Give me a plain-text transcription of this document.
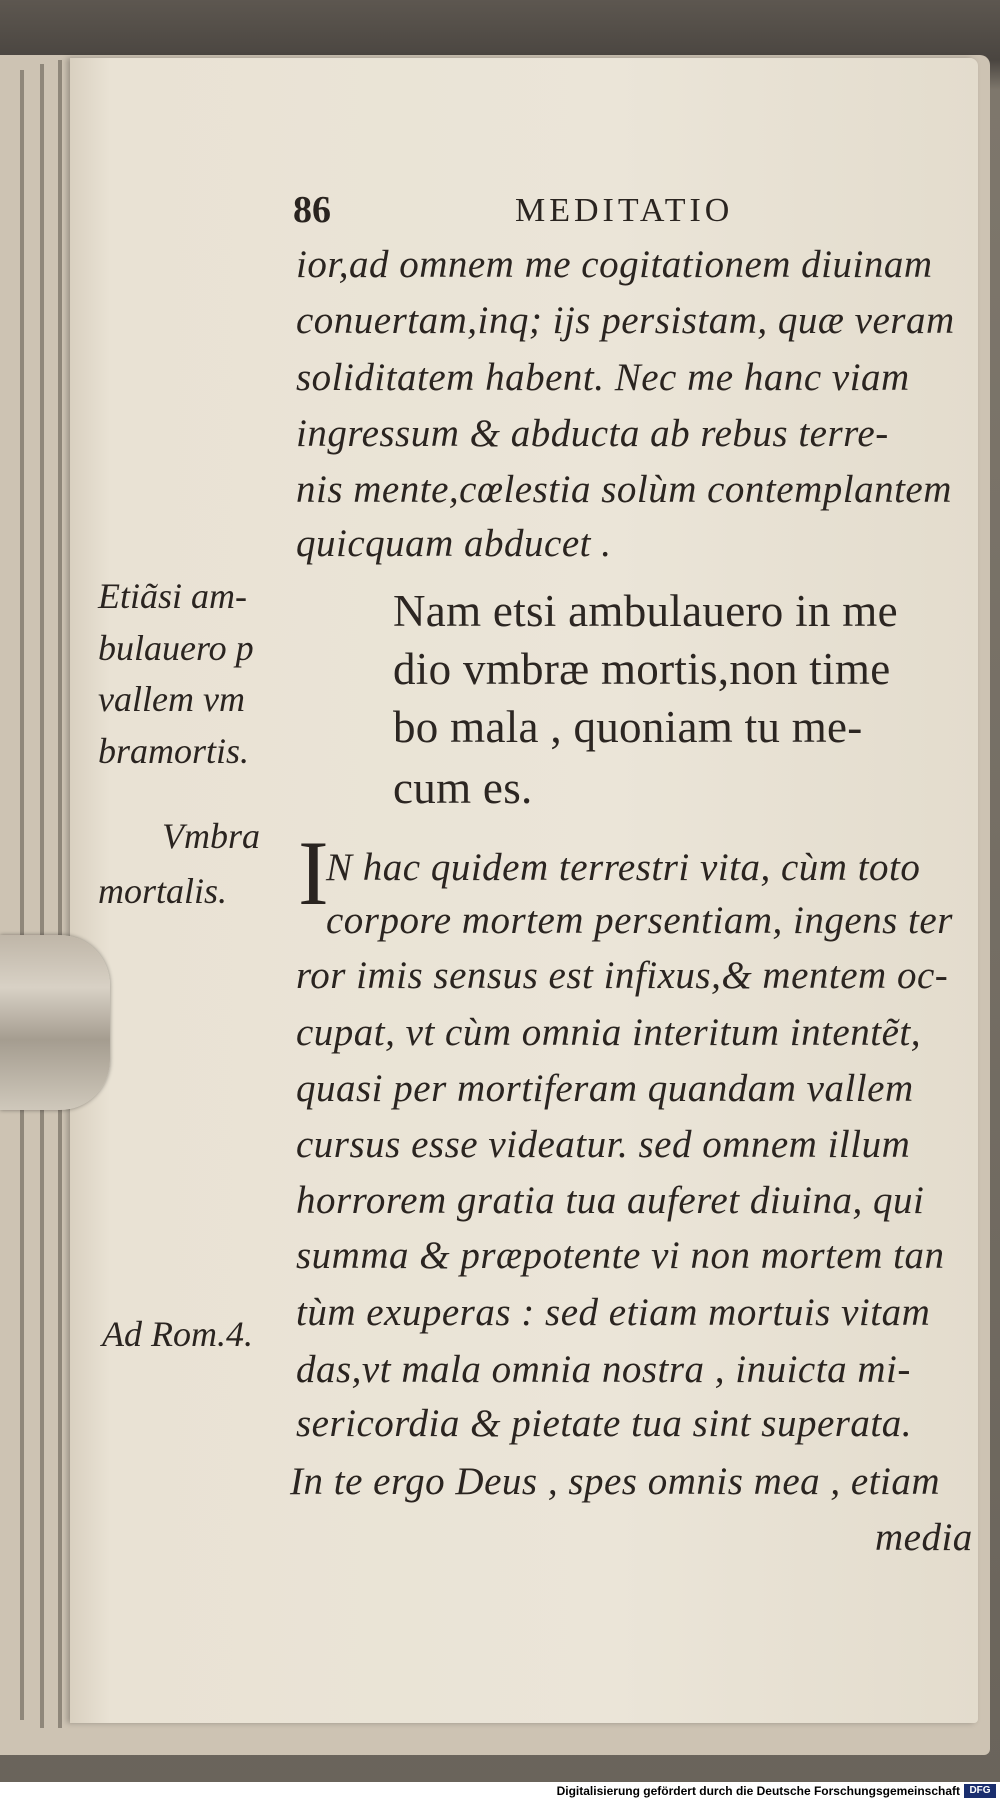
86	MEDITATIO
ior,ad omnem me cogitationem diuinam
conuertam,inq; ijs persistam, quæ veram
soliditatem habent. Nec me hanc viam
ingressum & abducta ab rebus terre-
nis mente,cœlestia solùm contemplantem
quicquam abducet .
Etiãsi am-
bulauero p
vallem vm
bramortis.
Nam etsi ambulauero in me
dio vmbræ mortis,non time
bo mala , quoniam tu me-
cum es.
Vmbra
mortalis. I
N hac quidem terrestri vita, cùm toto
corpore mortem persentiam, ingens ter
ror imis sensus est infixus,& mentem oc-
cupat, vt cùm omnia interitum intentẽt,
quasi per mortiferam quandam vallem
cursus esse videatur. sed omnem illum
horrorem gratia tua auferet diuina, qui
summa & præpotente vi non mortem tan
tùm exuperas : sed etiam mortuis vitam
das,vt mala omnia nostra , inuicta mi-
sericordia & pietate tua sint superata.
In te ergo Deus , spes omnis mea , etiam
media
Ad Rom.4.
Digitalisierung gefördert durch die Deutsche Forschungsgemeinschaft DFG
